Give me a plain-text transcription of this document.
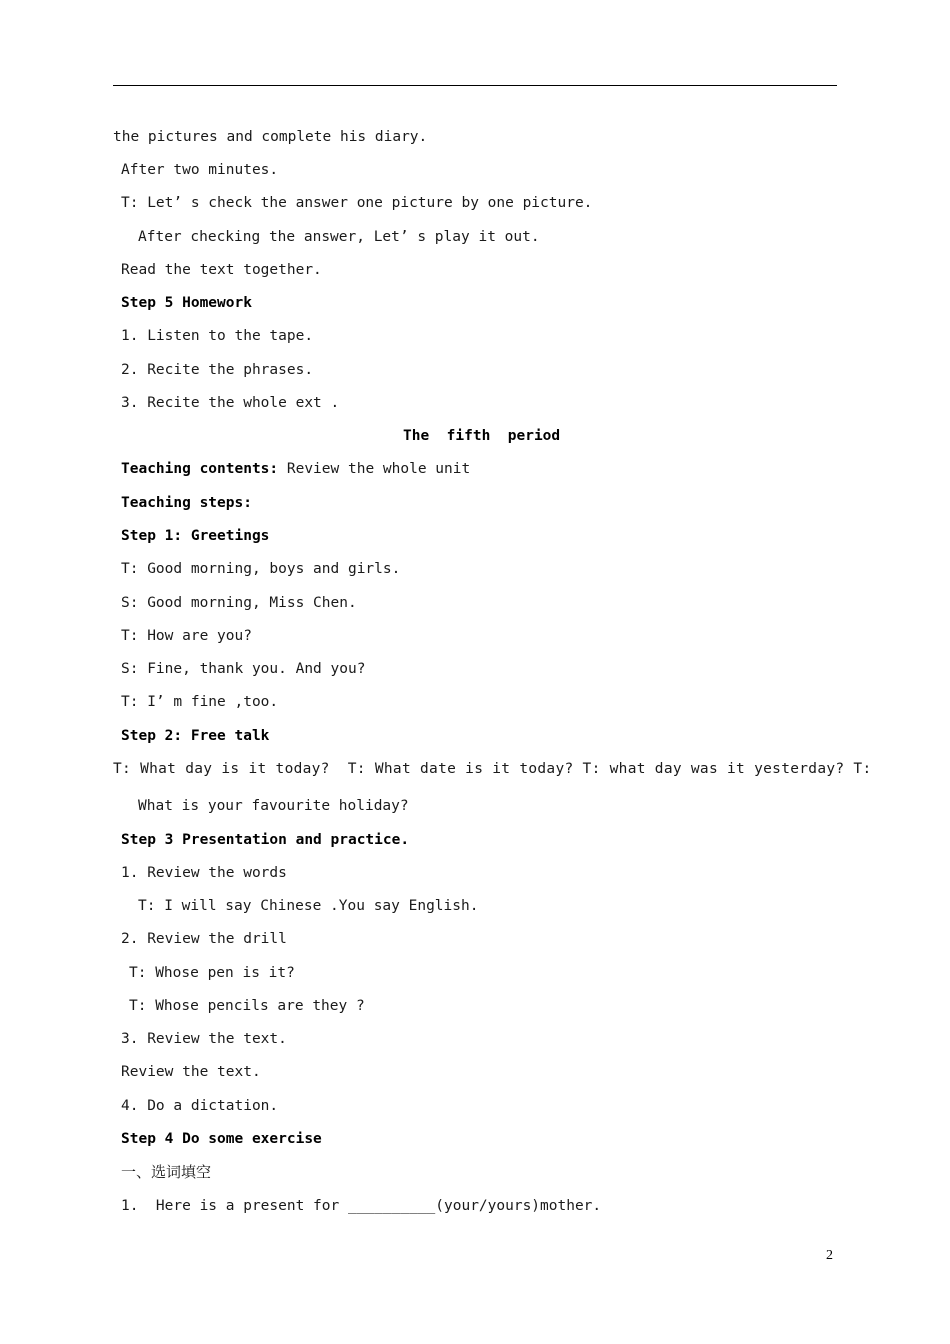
the pictures and complete his diary.
After two minutes.
T: Let’ s check the answer one picture by one picture.
After checking the answer, Let’ s play it out.
Read the text together.
Step 5 Homework
1. Listen to the tape.
2. Recite the phrases.
3. Recite the whole ext .
The  fifth  period
Teaching contents: Review the whole unit
Teaching steps:
Step 1: Greetings
T: Good morning, boys and girls.
S: Good morning, Miss Chen.
T: How are you?
S: Fine, thank you. And you?
T: I’ m fine ,too.
Step 2: Free talk
T: What day is it today?  T: What date is it today? T: what day was it yesterday? T:
What is your favourite holiday?
Step 3 Presentation and practice.
1. Review the words
T: I will say Chinese .You say English.
2. Review the drill
T: Whose pen is it?
T: Whose pencils are they ?
3. Review the text.
Review the text.
4. Do a dictation.
Step 4 Do some exercise
一、选词填空
1.  Here is a present for __________(your/yours)mother.
2
